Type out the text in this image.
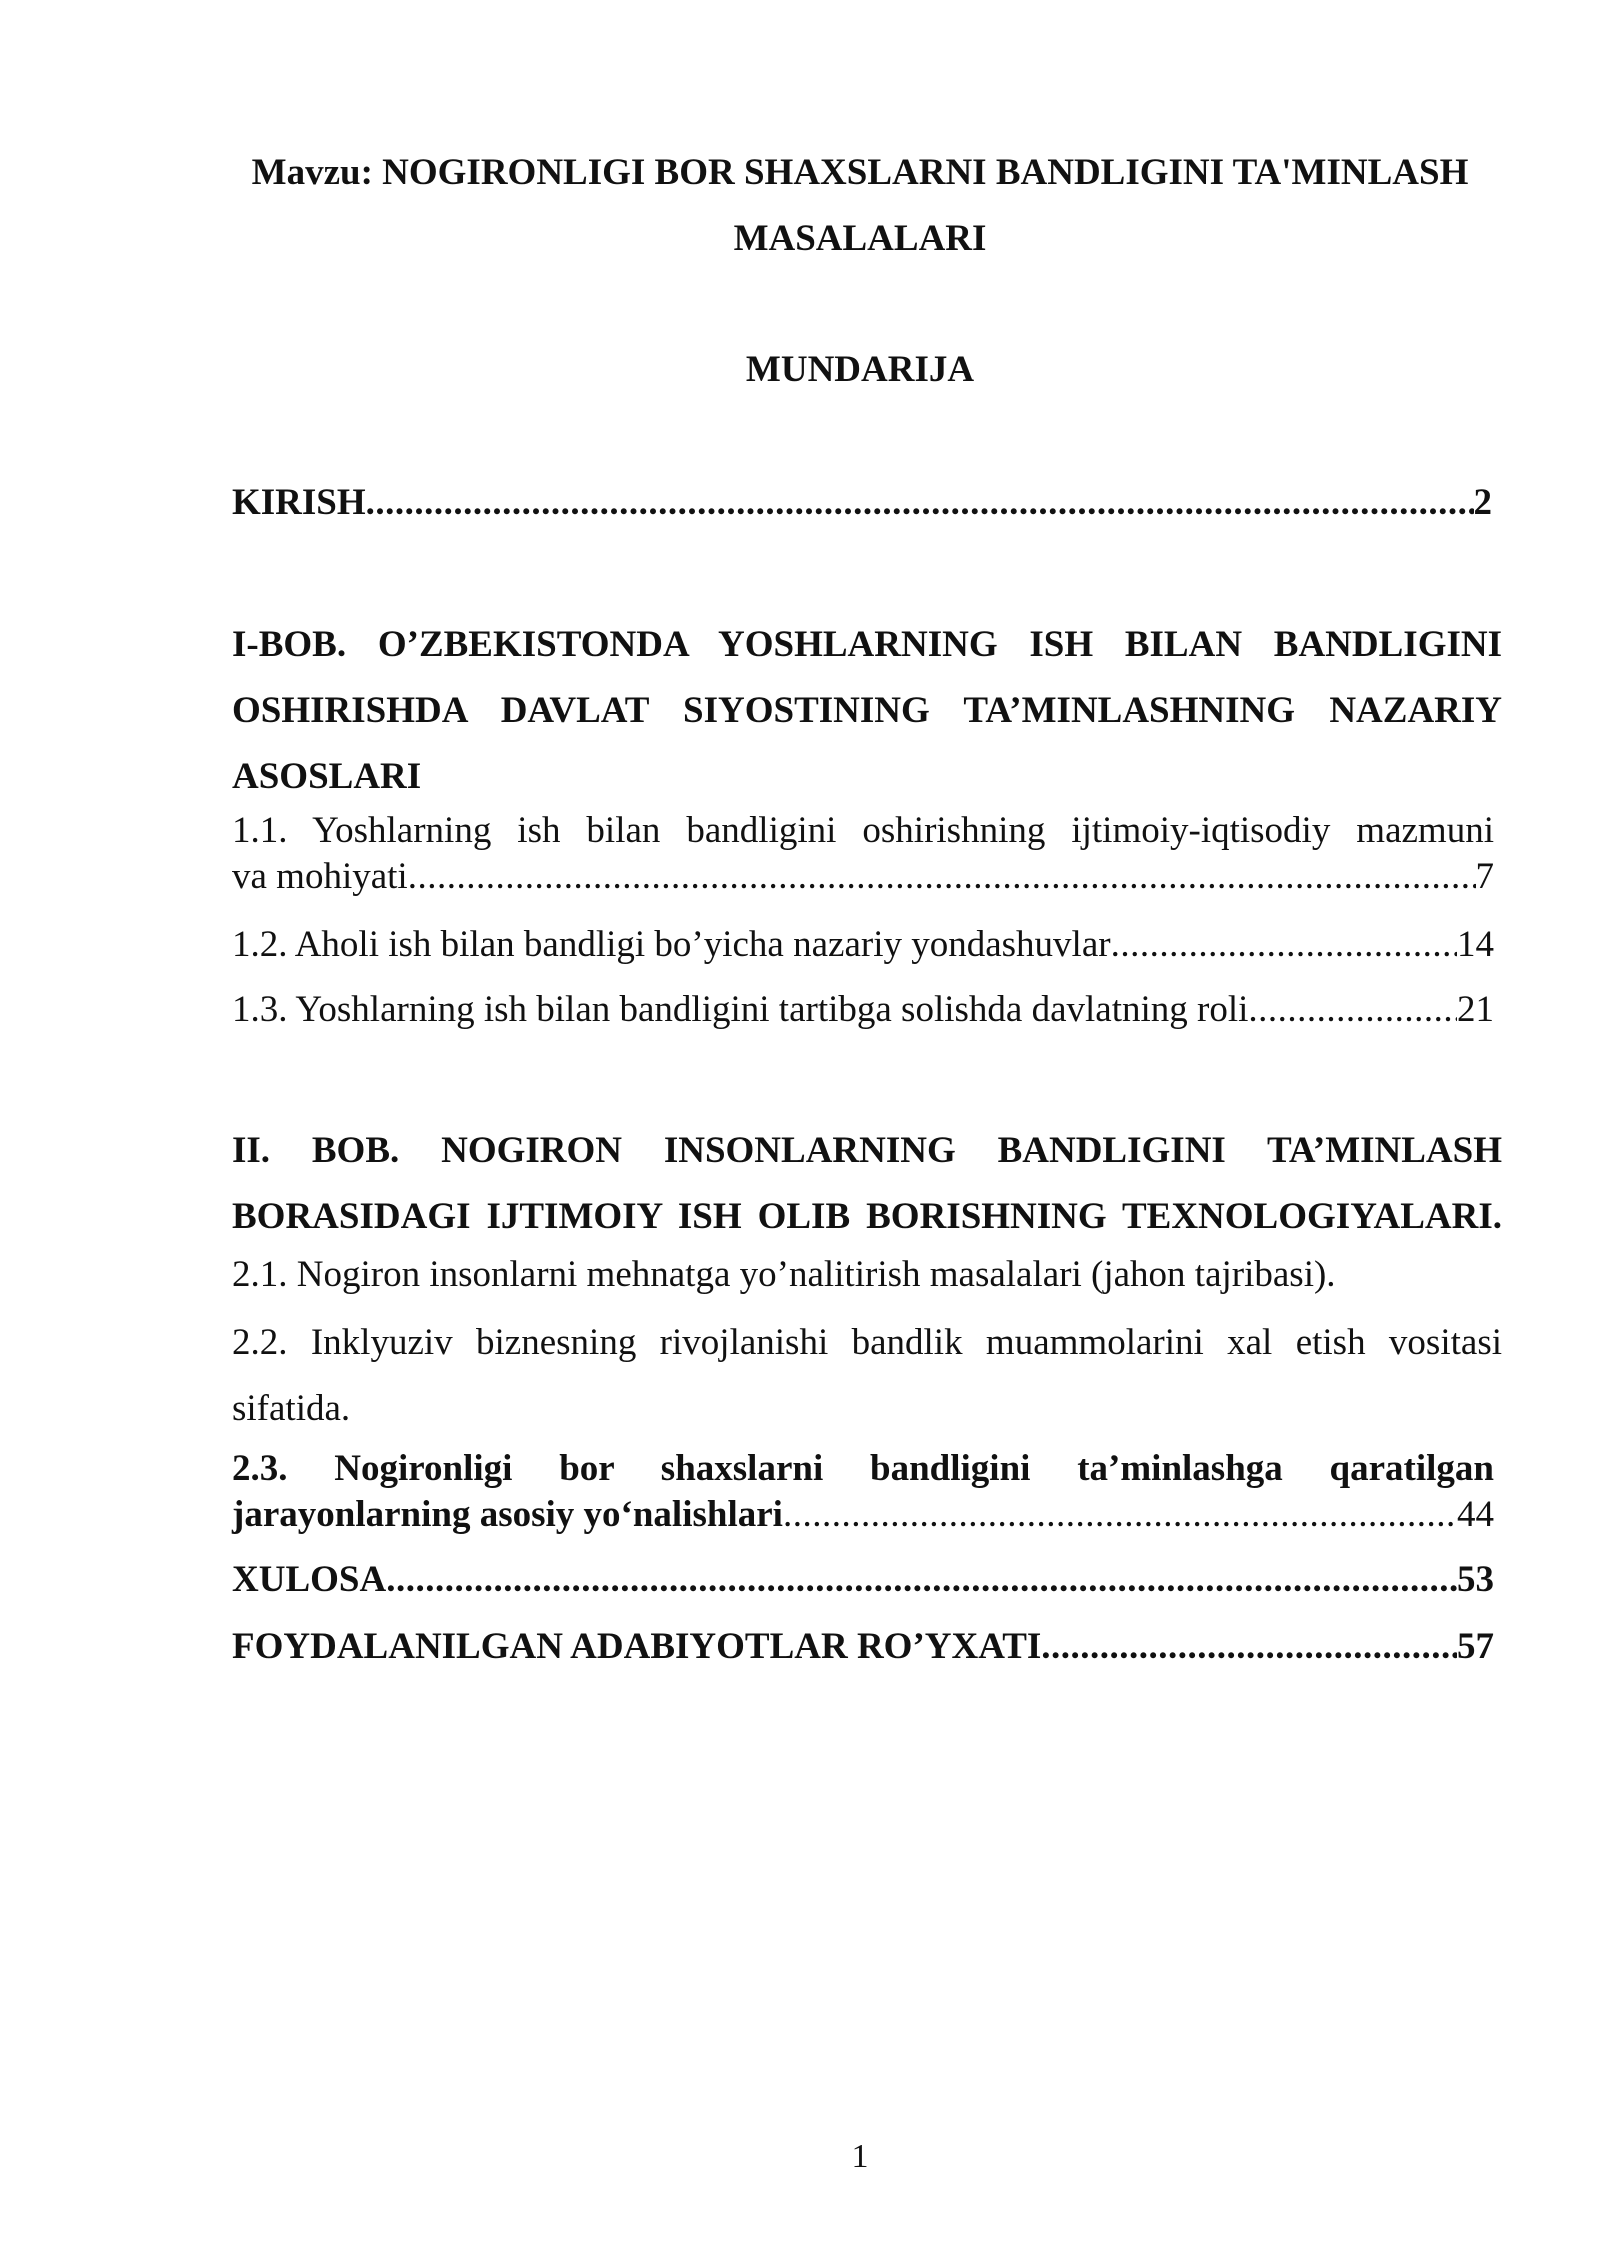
Mavzu: NOGIRONLIGI BOR SHAXSLARNI BANDLIGINI TA'MINLASH
MASALALARI
MUNDARIJA
KIRISH .....	2
I-BOB. O’ZBEKISTONDA YOSHLARNING ISH BILAN BANDLIGINI OSHIRISHDA DAVLAT SIYOSTINING TA’MINLASHNING NAZARIY ASOSLARI
1.1. Yoshlarning ish bilan bandligini oshirishning ijtimoiy-iqtisodiy mazmuni
va mohiyati .....	7
1.2. Aholi ish bilan bandligi bo’yicha nazariy yondashuvlar .....	14
1.3. Yoshlarning ish bilan bandligini tartibga solishda davlatning roli .....	21
II. BOB. NOGIRON INSONLARNING BANDLIGINI TA’MINLASH BORASIDAGI IJTIMOIY ISH OLIB BORISHNING TEXNOLOGIYALARI.
2.1. Nogiron insonlarni mehnatga yo’nalitirish masalalari (jahon tajribasi).
2.2. Inklyuziv biznesning rivojlanishi bandlik muammolarini xal etish vositasi sifatida.
2.3. Nogironligi bor shaxslarni bandligini ta’minlashga qaratilgan
jarayonlarning asosiy yo‘nalishlari .....	44
XULOSA .....	53
FOYDALANILGAN ADABIYOTLAR RO’YXATI .....	57
1
